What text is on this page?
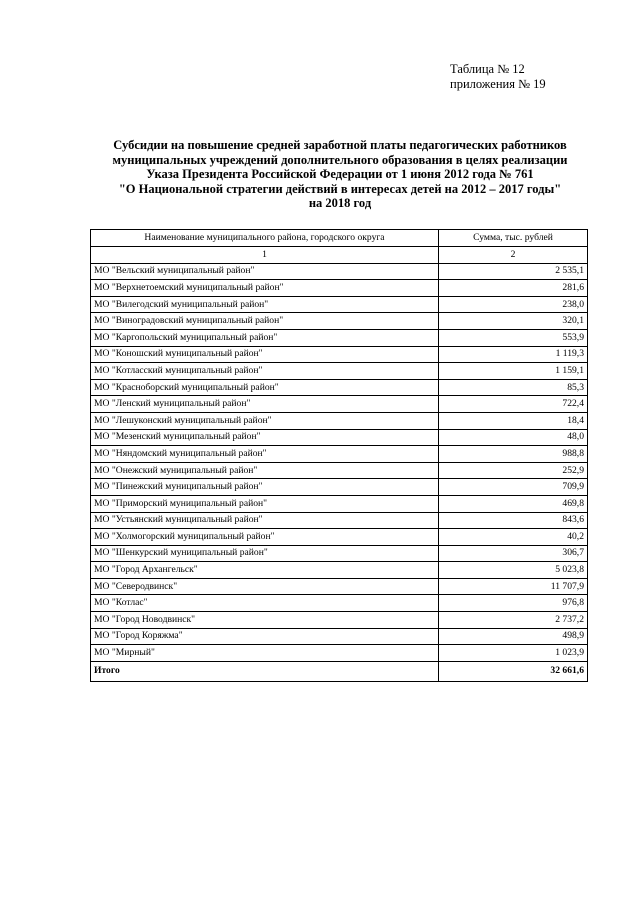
Таблица № 12
приложения № 19
Субсидии на повышение средней заработной платы педагогических работников
муниципальных учреждений дополнительного образования в целях реализации
Указа Президента Российской Федерации от 1 июня 2012 года № 761
"О Национальной стратегии действий в интересах детей на 2012 – 2017 годы"
на 2018 год
Наименование муниципального района, городского округа	Сумма, тыс. рублей
1	2
МО "Вельский муниципальный район"	2 535,1
МО "Верхнетоемский муниципальный район"	281,6
МО "Вилегодский муниципальный район"	238,0
МО "Виноградовский муниципальный район"	320,1
МО "Каргопольский муниципальный район"	553,9
МО "Коношский муниципальный район"	1 119,3
МО "Котласский муниципальный район"	1 159,1
МО "Красноборский муниципальный район"	85,3
МО "Ленский муниципальный район"	722,4
МО "Лешуконский муниципальный район"	18,4
МО "Мезенский муниципальный район"	48,0
МО "Няндомский муниципальный район"	988,8
МО "Онежский муниципальный район"	252,9
МО "Пинежский муниципальный район"	709,9
МО "Приморский муниципальный район"	469,8
МО "Устьянский муниципальный район"	843,6
МО "Холмогорский муниципальный район"	40,2
МО "Шенкурский муниципальный район"	306,7
МО "Город Архангельск"	5 023,8
МО "Северодвинск"	11 707,9
МО "Котлас"	976,8
МО "Город Новодвинск"	2 737,2
МО "Город Коряжма"	498,9
МО "Мирный"	1 023,9
Итого	32 661,6
